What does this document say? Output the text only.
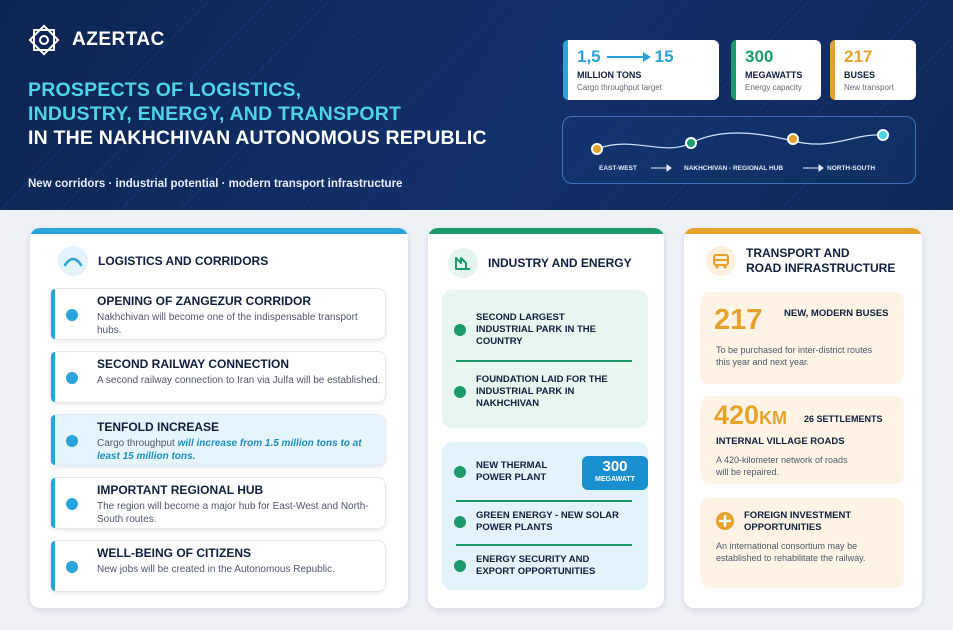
AZERTAC
PROSPECTS OF LOGISTICS,
INDUSTRY, ENERGY, AND TRANSPORT
IN THE NAKHCHIVAN AUTONOMOUS REPUBLIC
New corridors · industrial potential · modern transport infrastructure
1,5	15
MILLION TONS
Cargo throughput target
300
MEGAWATTS
Energy capacity
217
BUSES
New transport
EAST-WEST	NAKHCHIVAN - REGIONAL HUB	NORTH-SOUTH
LOGISTICS AND CORRIDORS
OPENING OF ZANGEZUR CORRIDOR
Nakhchivan will become one of the indispensable transport hubs.
SECOND RAILWAY CONNECTION
A second railway connection to Iran via Julfa will be established.
TENFOLD INCREASE
Cargo throughput will increase from 1.5 million tons to at least 15 million tons.
IMPORTANT REGIONAL HUB
The region will become a major hub for East-West and North-South routes.
WELL-BEING OF CITIZENS
New jobs will be created in the Autonomous Republic.
INDUSTRY AND ENERGY
SECOND LARGEST INDUSTRIAL PARK IN THE COUNTRY
FOUNDATION LAID FOR THE INDUSTRIAL PARK IN NAKHCHIVAN
NEW THERMAL POWER PLANT
300
MEGAWATT
GREEN ENERGY - NEW SOLAR POWER PLANTS
ENERGY SECURITY AND EXPORT OPPORTUNITIES
TRANSPORT AND
ROAD INFRASTRUCTURE
217 NEW, MODERN BUSES
To be purchased for inter-district routes this year and next year.
420KM 26 SETTLEMENTS
INTERNAL VILLAGE ROADS
A 420-kilometer network of roads will be repaired.
FOREIGN INVESTMENT OPPORTUNITIES
An international consortium may be established to rehabilitate the railway.
